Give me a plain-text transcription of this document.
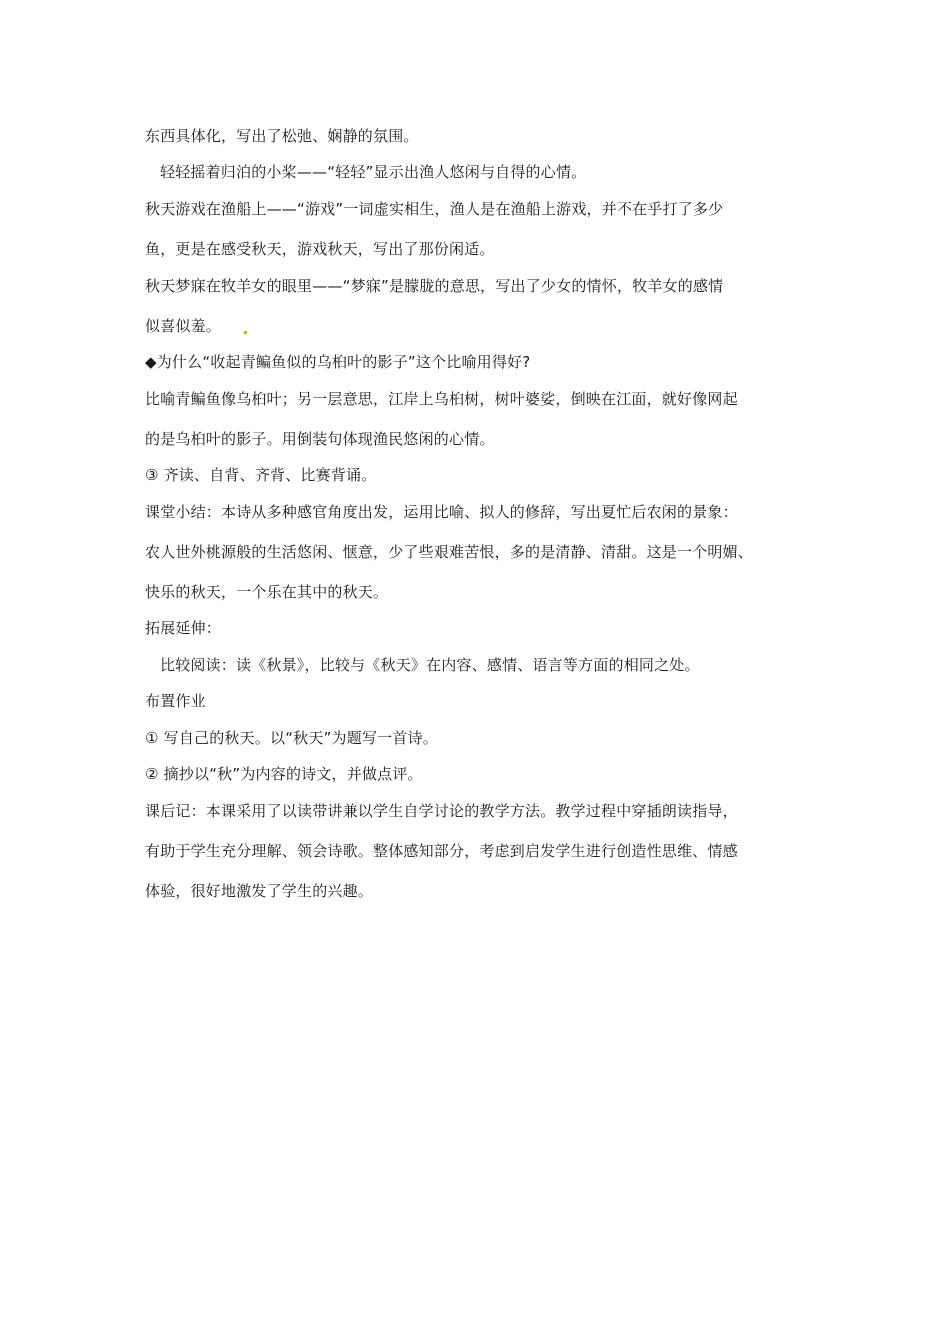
东西具体化，写出了松弛、娴静的氛围。
轻轻摇着归泊的小桨——“轻轻”显示出渔人悠闲与自得的心情。
秋天游戏在渔船上——“游戏”一词虚实相生，渔人是在渔船上游戏，并不在乎打了多少
鱼，更是在感受秋天，游戏秋天，写出了那份闲适。
秋天梦寐在牧羊女的眼里——“梦寐”是朦胧的意思，写出了少女的情怀，牧羊女的感情
似喜似羞。
◆为什么“收起青鳊鱼似的乌桕叶的影子”这个比喻用得好?
比喻青鳊鱼像乌桕叶；另一层意思，江岸上乌桕树，树叶婆娑，倒映在江面，就好像网起
的是乌桕叶的影子。用倒装句体现渔民悠闲的心情。
③ 齐读、自背、齐背、比赛背诵。
课堂小结：本诗从多种感官角度出发，运用比喻、拟人的修辞，写出夏忙后农闲的景象：
农人世外桃源般的生活悠闲、惬意，少了些艰难苦恨，多的是清静、清甜。这是一个明媚、
快乐的秋天，一个乐在其中的秋天。
拓展延伸：
比较阅读：读《秋景》，比较与《秋天》在内容、感情、语言等方面的相同之处。
布置作业
① 写自己的秋天。以“秋天”为题写一首诗。
② 摘抄以“秋”为内容的诗文，并做点评。
课后记：本课采用了以读带讲兼以学生自学讨论的教学方法。教学过程中穿插朗读指导，
有助于学生充分理解、领会诗歌。整体感知部分，考虑到启发学生进行创造性思维、情感
体验，很好地激发了学生的兴趣。
